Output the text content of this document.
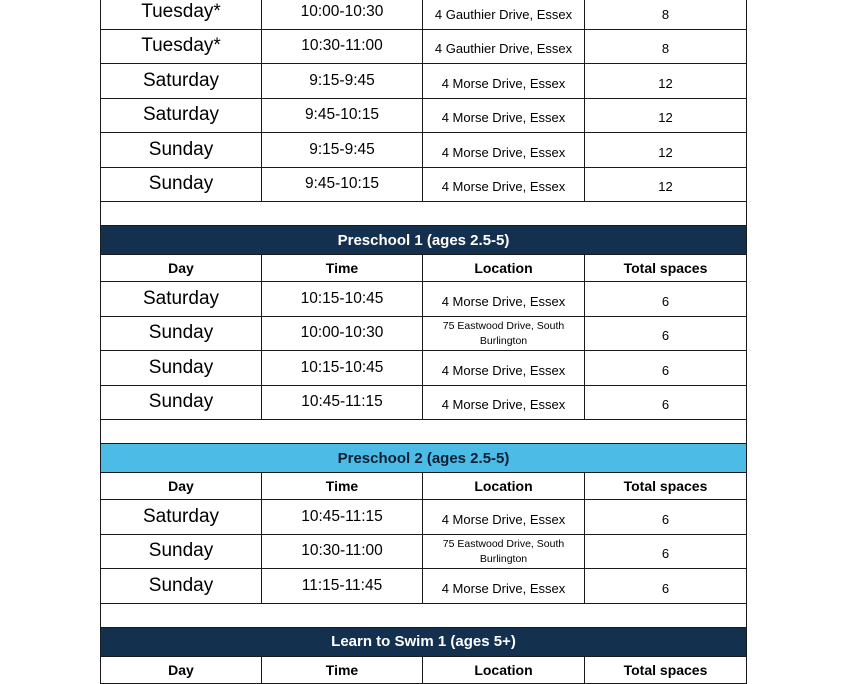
Tuesday*	10:00-10:30	4 Gauthier Drive, Essex	8
Tuesday*	10:30-11:00	4 Gauthier Drive, Essex	8
Saturday	9:15-9:45	4 Morse Drive, Essex	12
Saturday	9:45-10:15	4 Morse Drive, Essex	12
Sunday	9:15-9:45	4 Morse Drive, Essex	12
Sunday	9:45-10:15	4 Morse Drive, Essex	12

Preschool 1 (ages 2.5-5)			
Day	Time	Location	Total spaces
Saturday	10:15-10:45	4 Morse Drive, Essex	6
Sunday	10:00-10:30	75 Eastwood Drive, South Burlington	6
Sunday	10:15-10:45	4 Morse Drive, Essex	6
Sunday	10:45-11:15	4 Morse Drive, Essex	6

Preschool 2 (ages 2.5-5)			
Day	Time	Location	Total spaces
Saturday	10:45-11:15	4 Morse Drive, Essex	6
Sunday	10:30-11:00	75 Eastwood Drive, South Burlington	6
Sunday	11:15-11:45	4 Morse Drive, Essex	6

Learn to Swim 1 (ages 5+)			
Day	Time	Location	Total spaces
